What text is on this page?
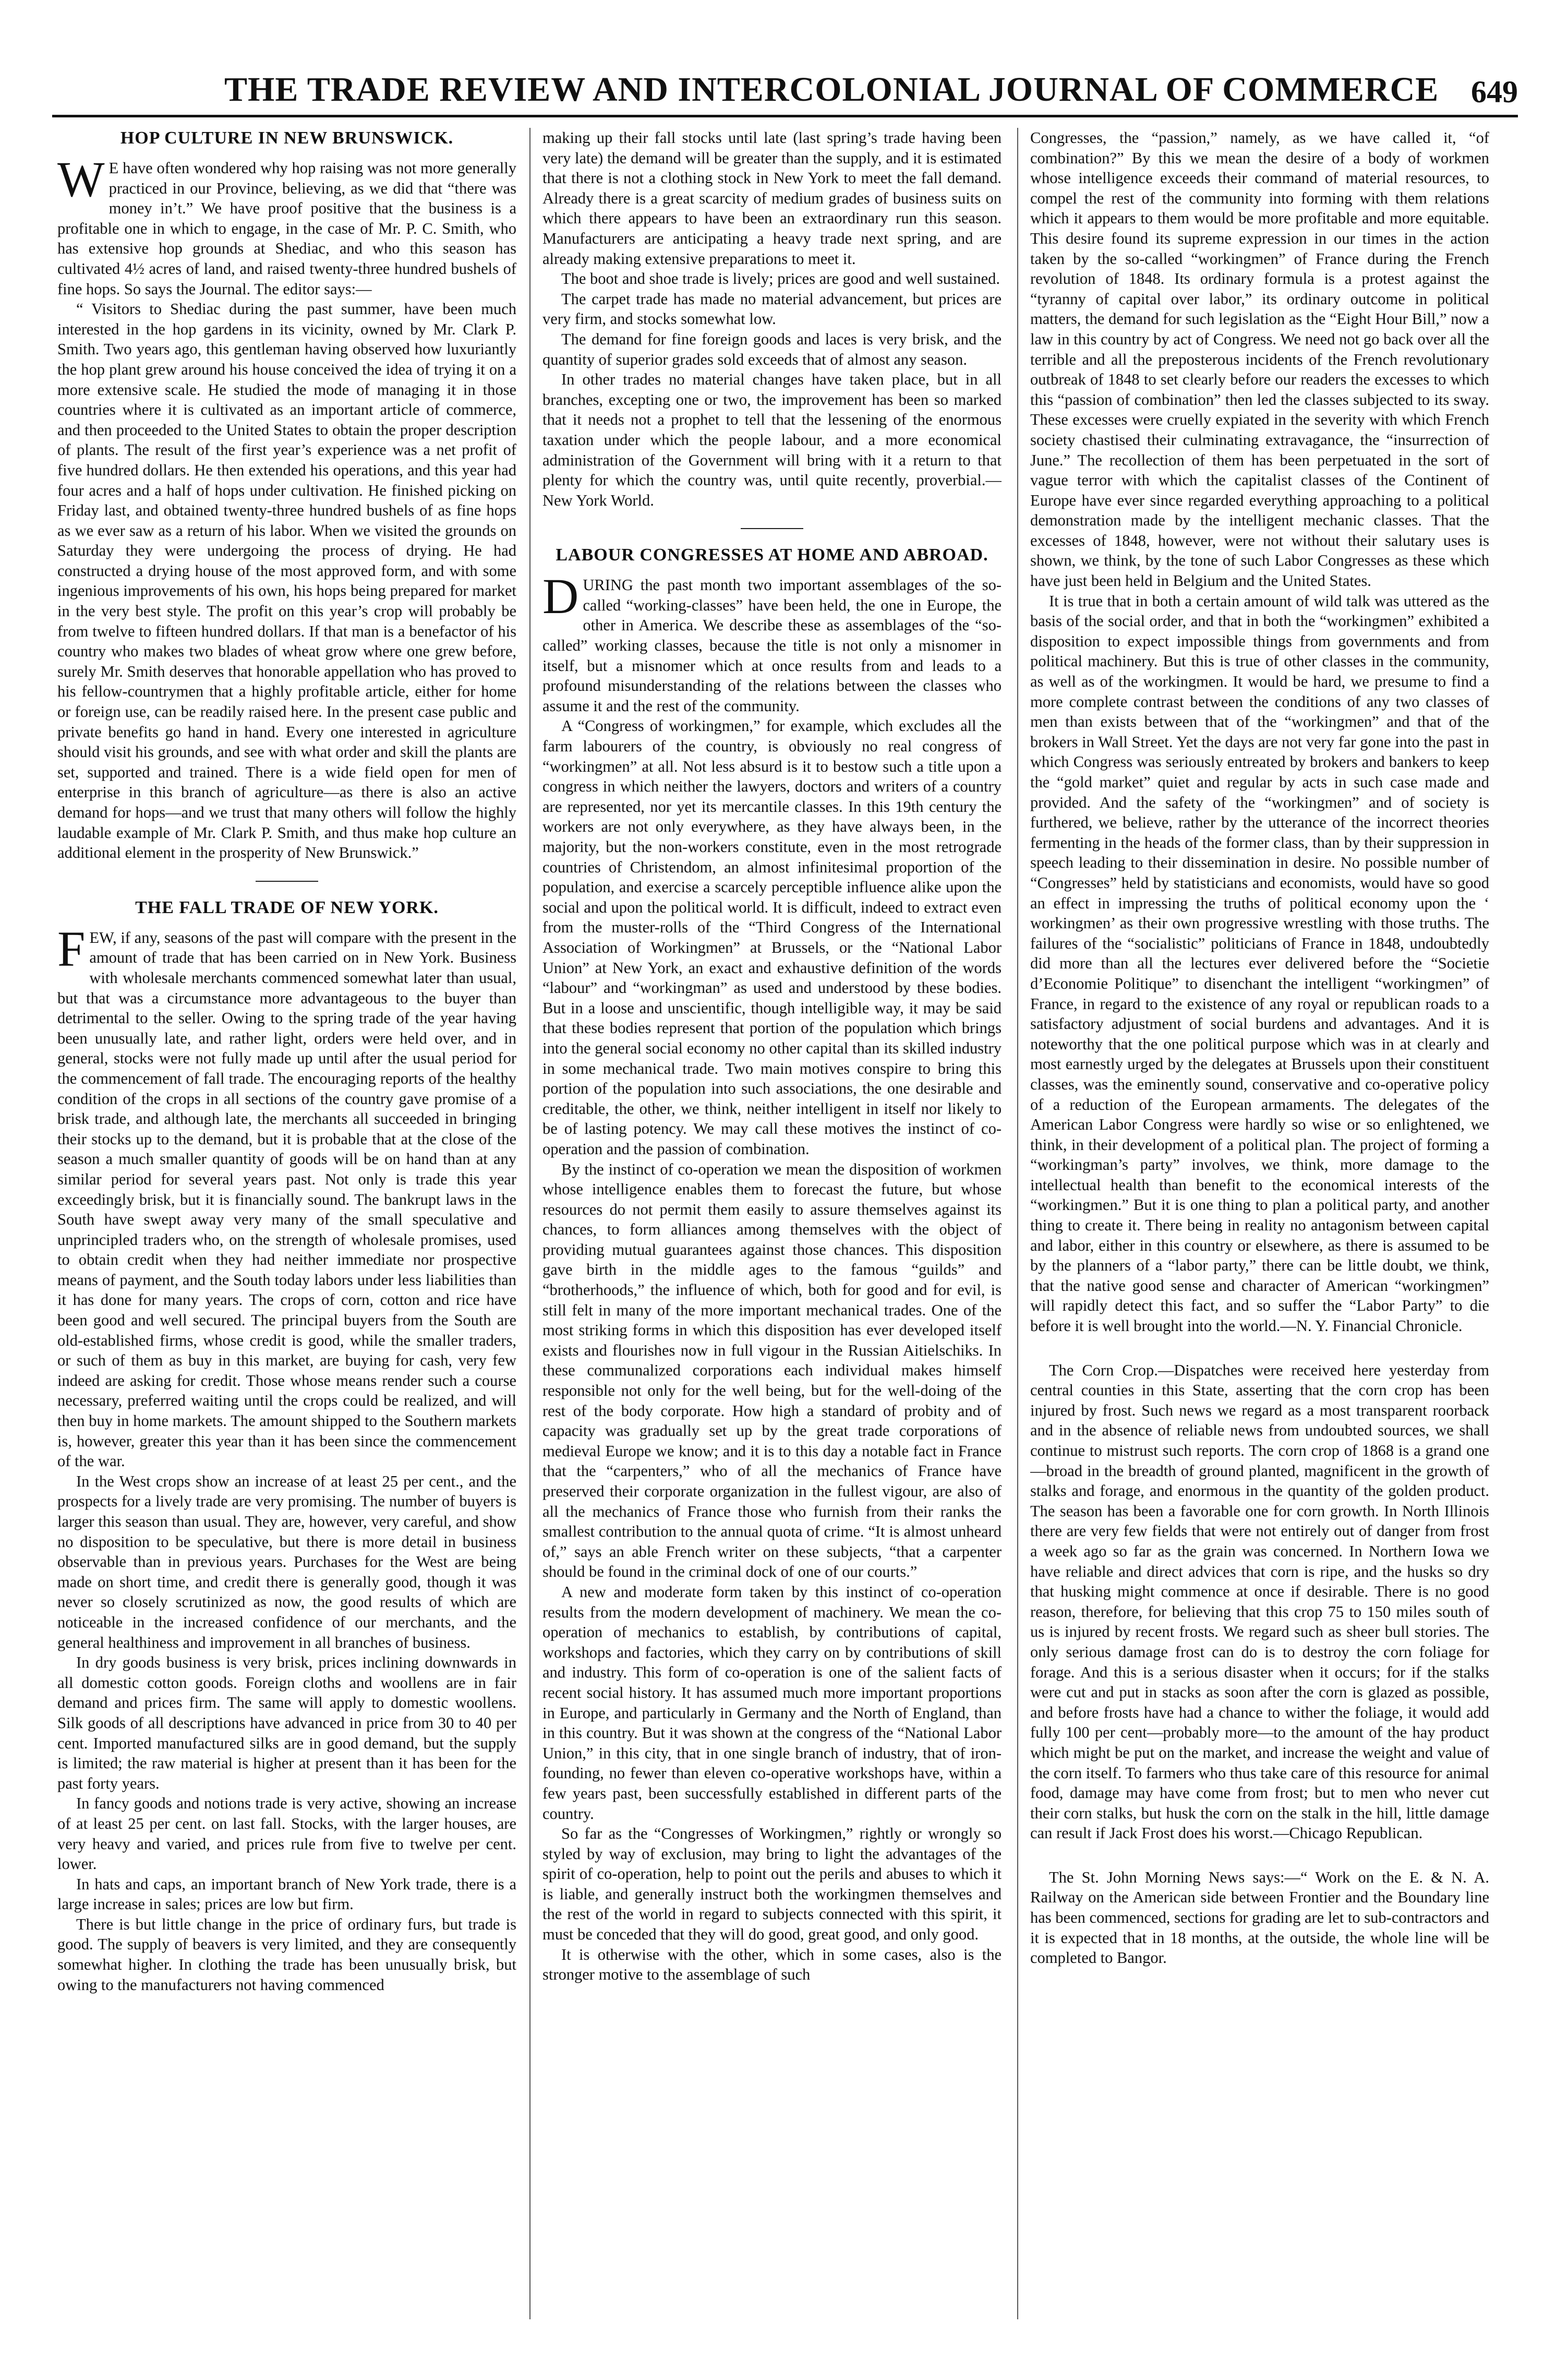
THE TRADE REVIEW AND INTERCOLONIAL JOURNAL OF COMMERCE 649
HOP CULTURE IN NEW BRUNSWICK.

W E have often wondered why hop raising was not more generally practiced in our Province, believing, as we did that “there was money in’t.” We have proof positive that the business is a profitable one in which to engage, in the case of Mr. P. C. Smith, who has extensive hop grounds at Shediac, and who this season has cultivated 4½ acres of land, and raised twenty-three hundred bushels of fine hops. So says the Journal. The editor says:—

“ Visitors to Shediac during the past summer, have been much interested in the hop gardens in its vicinity, owned by Mr. Clark P. Smith. Two years ago, this gentleman having observed how luxuriantly the hop plant grew around his house conceived the idea of trying it on a more extensive scale. He studied the mode of managing it in those countries where it is cultivated as an important article of commerce, and then proceeded to the United States to obtain the proper description of plants. The result of the first year’s experience was a net profit of five hundred dollars. He then extended his operations, and this year had four acres and a half of hops under cultivation. He finished picking on Friday last, and obtained twenty-three hundred bushels of as fine hops as we ever saw as a return of his labor. When we visited the grounds on Saturday they were undergoing the process of drying. He had constructed a drying house of the most approved form, and with some ingenious improvements of his own, his hops being prepared for market in the very best style. The profit on this year’s crop will probably be from twelve to fifteen hundred dollars. If that man is a benefactor of his country who makes two blades of wheat grow where one grew before, surely Mr. Smith deserves that honorable appellation who has proved to his fellow-countrymen that a highly profitable article, either for home or foreign use, can be readily raised here. In the present case public and private benefits go hand in hand. Every one interested in agriculture should visit his grounds, and see with what order and skill the plants are set, supported and trained. There is a wide field open for men of enterprise in this branch of agriculture—as there is also an active demand for hops—and we trust that many others will follow the highly laudable example of Mr. Clark P. Smith, and thus make hop culture an additional element in the prosperity of New Brunswick.”

THE FALL TRADE OF NEW YORK.

FEW, if any, seasons of the past will compare with the present in the amount of trade that has been carried on in New York. Business with wholesale merchants commenced somewhat later than usual, but that was a circumstance more advantageous to the buyer than detrimental to the seller. Owing to the spring trade of the year having been unusually late, and rather light, orders were held over, and in general, stocks were not fully made up until after the usual period for the commencement of fall trade. The encouraging reports of the healthy condition of the crops in all sections of the country gave promise of a brisk trade, and although late, the merchants all succeeded in bringing their stocks up to the demand, but it is probable that at the close of the season a much smaller quantity of goods will be on hand than at any similar period for several years past. Not only is trade this year exceedingly brisk, but it is financially sound. The bankrupt laws in the South have swept away very many of the small speculative and unprincipled traders who, on the strength of wholesale promises, used to obtain credit when they had neither immediate nor prospective means of payment, and the South today labors under less liabilities than it has done for many years. The crops of corn, cotton and rice have been good and well secured. The principal buyers from the South are old-established firms, whose credit is good, while the smaller traders, or such of them as buy in this market, are buying for cash, very few indeed are asking for credit. Those whose means render such a course necessary, preferred waiting until the crops could be realized, and will then buy in home markets. The amount shipped to the Southern markets is, however, greater this year than it has been since the commencement of the war.

In the West crops show an increase of at least 25 per cent., and the prospects for a lively trade are very promising. The number of buyers is larger this season than usual. They are, however, very careful, and show no disposition to be speculative, but there is more detail in business observable than in previous years. Purchases for the West are being made on short time, and credit there is generally good, though it was never so closely scrutinized as now, the good results of which are noticeable in the increased confidence of our merchants, and the general healthiness and improvement in all branches of business.

In dry goods business is very brisk, prices inclining downwards in all domestic cotton goods. Foreign cloths and woollens are in fair demand and prices firm. The same will apply to domestic woollens. Silk goods of all descriptions have advanced in price from 30 to 40 per cent. Imported manufactured silks are in good demand, but the supply is limited; the raw material is higher at present than it has been for the past forty years.

In fancy goods and notions trade is very active, showing an increase of at least 25 per cent. on last fall. Stocks, with the larger houses, are very heavy and varied, and prices rule from five to twelve per cent. lower.

In hats and caps, an important branch of New York trade, there is a large increase in sales; prices are low but firm.

There is but little change in the price of ordinary furs, but trade is good. The supply of beavers is very limited, and they are consequently somewhat higher. In clothing the trade has been unusually brisk, but owing to the manufacturers not having commenced

making up their fall stocks until late (last spring’s trade having been very late) the demand will be greater than the supply, and it is estimated that there is not a clothing stock in New York to meet the fall demand. Already there is a great scarcity of medium grades of business suits on which there appears to have been an extraordinary run this season. Manufacturers are anticipating a heavy trade next spring, and are already making extensive preparations to meet it.

The boot and shoe trade is lively; prices are good and well sustained.

The carpet trade has made no material advancement, but prices are very firm, and stocks somewhat low.

The demand for fine foreign goods and laces is very brisk, and the quantity of superior grades sold exceeds that of almost any season.

In other trades no material changes have taken place, but in all branches, excepting one or two, the improvement has been so marked that it needs not a prophet to tell that the lessening of the enormous taxation under which the people labour, and a more economical administration of the Government will bring with it a return to that plenty for which the country was, until quite recently, proverbial.—New York World.

LABOUR CONGRESSES AT HOME AND ABROAD.

DURING the past month two important assemblages of the so-called “working-classes” have been held, the one in Europe, the other in America. We describe these as assemblages of the “so-called” working classes, because the title is not only a misnomer in itself, but a misnomer which at once results from and leads to a profound misunderstanding of the relations between the classes who assume it and the rest of the community.

A “Congress of workingmen,” for example, which excludes all the farm labourers of the country, is obviously no real congress of “workingmen” at all. Not less absurd is it to bestow such a title upon a congress in which neither the lawyers, doctors and writers of a country are represented, nor yet its mercantile classes. In this 19th century the workers are not only everywhere, as they have always been, in the majority, but the non-workers constitute, even in the most retrograde countries of Christendom, an almost infinitesimal proportion of the population, and exercise a scarcely perceptible influence alike upon the social and upon the political world. It is difficult, indeed to extract even from the muster-rolls of the “Third Congress of the International Association of Workingmen” at Brussels, or the “National Labor Union” at New York, an exact and exhaustive definition of the words “labour” and “workingman” as used and understood by these bodies. But in a loose and unscientific, though intelligible way, it may be said that these bodies represent that portion of the population which brings into the general social economy no other capital than its skilled industry in some mechanical trade. Two main motives conspire to bring this portion of the population into such associations, the one desirable and creditable, the other, we think, neither intelligent in itself nor likely to be of lasting potency. We may call these motives the instinct of co-operation and the passion of combination.

By the instinct of co-operation we mean the disposition of workmen whose intelligence enables them to forecast the future, but whose resources do not permit them easily to assure themselves against its chances, to form alliances among themselves with the object of providing mutual guarantees against those chances. This disposition gave birth in the middle ages to the famous “guilds” and “brotherhoods,” the influence of which, both for good and for evil, is still felt in many of the more important mechanical trades. One of the most striking forms in which this disposition has ever developed itself exists and flourishes now in full vigour in the Russian Aitielschiks. In these communalized corporations each individual makes himself responsible not only for the well being, but for the well-doing of the rest of the body corporate. How high a standard of probity and of capacity was gradually set up by the great trade corporations of medieval Europe we know; and it is to this day a notable fact in France that the “carpenters,” who of all the mechanics of France have preserved their corporate organization in the fullest vigour, are also of all the mechanics of France those who furnish from their ranks the smallest contribution to the annual quota of crime. “It is almost unheard of,” says an able French writer on these subjects, “that a carpenter should be found in the criminal dock of one of our courts.”

A new and moderate form taken by this instinct of co-operation results from the modern development of machinery. We mean the co-operation of mechanics to establish, by contributions of capital, workshops and factories, which they carry on by contributions of skill and industry. This form of co-operation is one of the salient facts of recent social history. It has assumed much more important proportions in Europe, and particularly in Germany and the North of England, than in this country. But it was shown at the congress of the “National Labor Union,” in this city, that in one single branch of industry, that of iron-founding, no fewer than eleven co-operative workshops have, within a few years past, been successfully established in different parts of the country.

So far as the “Congresses of Workingmen,” rightly or wrongly so styled by way of exclusion, may bring to light the advantages of the spirit of co-operation, help to point out the perils and abuses to which it is liable, and generally instruct both the workingmen themselves and the rest of the world in regard to subjects connected with this spirit, it must be conceded that they will do good, great good, and only good.

It is otherwise with the other, which in some cases, also is the stronger motive to the assemblage of such

Congresses, the “passion,” namely, as we have called it, “of combination?” By this we mean the desire of a body of workmen whose intelligence exceeds their command of material resources, to compel the rest of the community into forming with them relations which it appears to them would be more profitable and more equitable. This desire found its supreme expression in our times in the action taken by the so-called “workingmen” of France during the French revolution of 1848. Its ordinary formula is a protest against the “tyranny of capital over labor,” its ordinary outcome in political matters, the demand for such legislation as the “Eight Hour Bill,” now a law in this country by act of Congress. We need not go back over all the terrible and all the preposterous incidents of the French revolutionary outbreak of 1848 to set clearly before our readers the excesses to which this “passion of combination” then led the classes subjected to its sway. These excesses were cruelly expiated in the severity with which French society chastised their culminating extravagance, the “insurrection of June.” The recollection of them has been perpetuated in the sort of vague terror with which the capitalist classes of the Continent of Europe have ever since regarded everything approaching to a political demonstration made by the intelligent mechanic classes. That the excesses of 1848, however, were not without their salutary uses is shown, we think, by the tone of such Labor Congresses as these which have just been held in Belgium and the United States.

It is true that in both a certain amount of wild talk was uttered as the basis of the social order, and that in both the “workingmen” exhibited a disposition to expect impossible things from governments and from political machinery. But this is true of other classes in the community, as well as of the workingmen. It would be hard, we presume to find a more complete contrast between the conditions of any two classes of men than exists between that of the “workingmen” and that of the brokers in Wall Street. Yet the days are not very far gone into the past in which Congress was seriously entreated by brokers and bankers to keep the “gold market” quiet and regular by acts in such case made and provided. And the safety of the “workingmen” and of society is furthered, we believe, rather by the utterance of the incorrect theories fermenting in the heads of the former class, than by their suppression in speech leading to their dissemination in desire. No possible number of “Congresses” held by statisticians and economists, would have so good an effect in impressing the truths of political economy upon the ‘ workingmen’ as their own progressive wrestling with those truths. The failures of the “socialistic” politicians of France in 1848, undoubtedly did more than all the lectures ever delivered before the “Societie d’Economie Politique” to disenchant the intelligent “workingmen” of France, in regard to the existence of any royal or republican roads to a satisfactory adjustment of social burdens and advantages. And it is noteworthy that the one political purpose which was in at clearly and most earnestly urged by the delegates at Brussels upon their constituent classes, was the eminently sound, conservative and co-operative policy of a reduction of the European armaments. The delegates of the American Labor Congress were hardly so wise or so enlightened, we think, in their development of a political plan. The project of forming a “workingman’s party” involves, we think, more damage to the intellectual health than benefit to the economical interests of the “workingmen.” But it is one thing to plan a political party, and another thing to create it. There being in reality no antagonism between capital and labor, either in this country or elsewhere, as there is assumed to be by the planners of a “labor party,” there can be little doubt, we think, that the native good sense and character of American “workingmen” will rapidly detect this fact, and so suffer the “Labor Party” to die before it is well brought into the world.—N. Y. Financial Chronicle.

The Corn Crop.—Dispatches were received here yesterday from central counties in this State, asserting that the corn crop has been injured by frost. Such news we regard as a most transparent roorback and in the absence of reliable news from undoubted sources, we shall continue to mistrust such reports. The corn crop of 1868 is a grand one—broad in the breadth of ground planted, magnificent in the growth of stalks and forage, and enormous in the quantity of the golden product. The season has been a favorable one for corn growth. In North Illinois there are very few fields that were not entirely out of danger from frost a week ago so far as the grain was concerned. In Northern Iowa we have reliable and direct advices that corn is ripe, and the husks so dry that husking might commence at once if desirable. There is no good reason, therefore, for believing that this crop 75 to 150 miles south of us is injured by recent frosts. We regard such as sheer bull stories. The only serious damage frost can do is to destroy the corn foliage for forage. And this is a serious disaster when it occurs; for if the stalks were cut and put in stacks as soon after the corn is glazed as possible, and before frosts have had a chance to wither the foliage, it would add fully 100 per cent—probably more—to the amount of the hay product which might be put on the market, and increase the weight and value of the corn itself. To farmers who thus take care of this resource for animal food, damage may have come from frost; but to men who never cut their corn stalks, but husk the corn on the stalk in the hill, little damage can result if Jack Frost does his worst.—Chicago Republican.

The St. John Morning News says:—“ Work on the E. & N. A. Railway on the American side between Frontier and the Boundary line has been commenced, sections for grading are let to sub-contractors and it is expected that in 18 months, at the outside, the whole line will be completed to Bangor.
